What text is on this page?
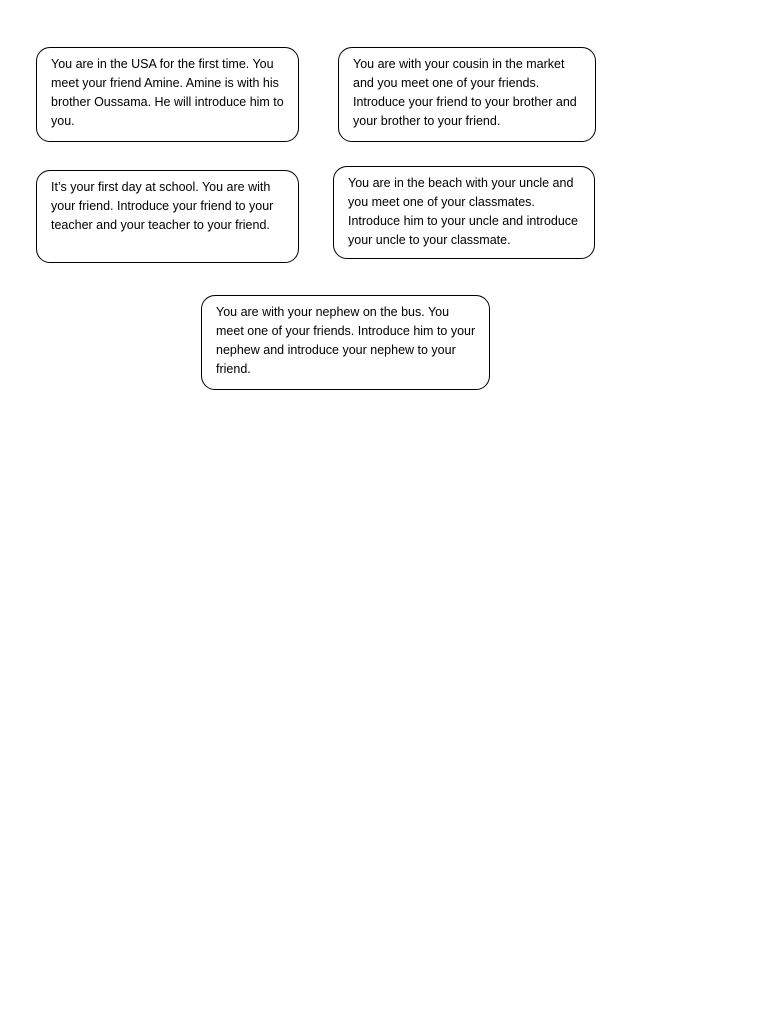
You are in the USA for the first time. You meet your friend Amine. Amine is with his brother Oussama. He will introduce him to you.

You are with your cousin in the market and you meet one of your friends. Introduce your friend to your brother and your brother to your friend.

It’s your first day at school. You are with your friend. Introduce your friend to your teacher and your teacher to your friend.

You are in the beach with your uncle and you meet one of your classmates. Introduce him to your uncle and introduce your uncle to your classmate.

You are with your nephew on the bus. You meet one of your friends. Introduce him to your nephew and introduce your nephew to your friend.
